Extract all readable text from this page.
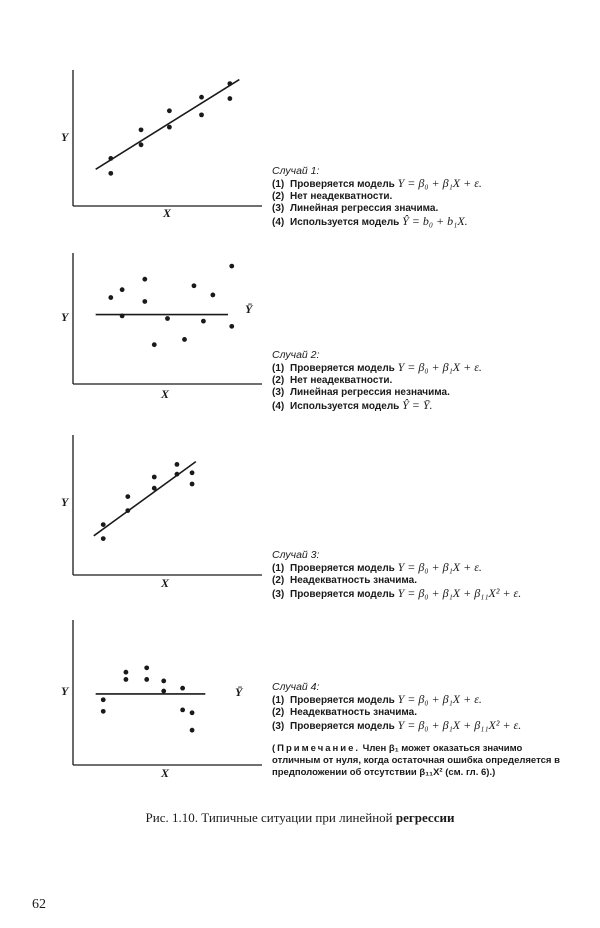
Y
X
Y
X
Ȳ
Y
X
Y
X
Ȳ
Случай 1:
(1) Проверяется модель Y = β₀ + β₁X + ε.
(2) Нет неадекватности.
(3) Линейная регрессия значима.
(4) Используется модель Ŷ = b₀ + b₁X.
Случай 2:
(1) Проверяется модель Y = β₀ + β₁X + ε.
(2) Нет неадекватности.
(3) Линейная регрессия незначима.
(4) Используется модель Ŷ = Ȳ.
Случай 3:
(1) Проверяется модель Y = β₀ + β₁X + ε.
(2) Неадекватность значима.
(3) Проверяется модель Y = β₀ + β₁X + β₁₁X² + ε.
Случай 4:
(1) Проверяется модель Y = β₀ + β₁X + ε.
(2) Неадекватность значима.
(3) Проверяется модель Y = β₀ + β₁X + β₁₁X² + ε.
(Примечание. Член β₁ может оказаться значимо отличным от нуля, когда остаточная ошибка определяется в предположении об отсутствии β₁₁X² (см. гл. 6).)
Рис. 1.10. Типичные ситуации при линейной регрессии
62
